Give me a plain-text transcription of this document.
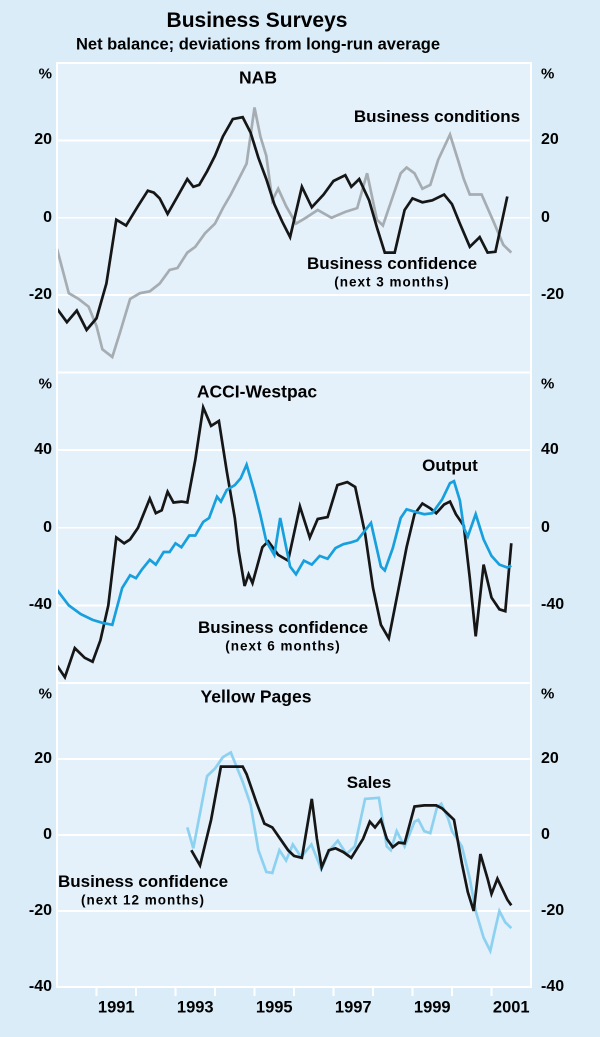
Business Surveys
Net balance; deviations from long-run average
NAB
%	%
20	20
0	0
-20	-20
Business conditions
Business confidence
(next 3 months)
ACCI-Westpac
%	%
40	40
0	0
-40	-40
Output
Business confidence
(next 6 months)
Yellow Pages
%	%
20	20
0	0
-20	-20
-40	-40
Sales
Business confidence
(next 12 months)
1991	1993	1995	1997	1999	2001
